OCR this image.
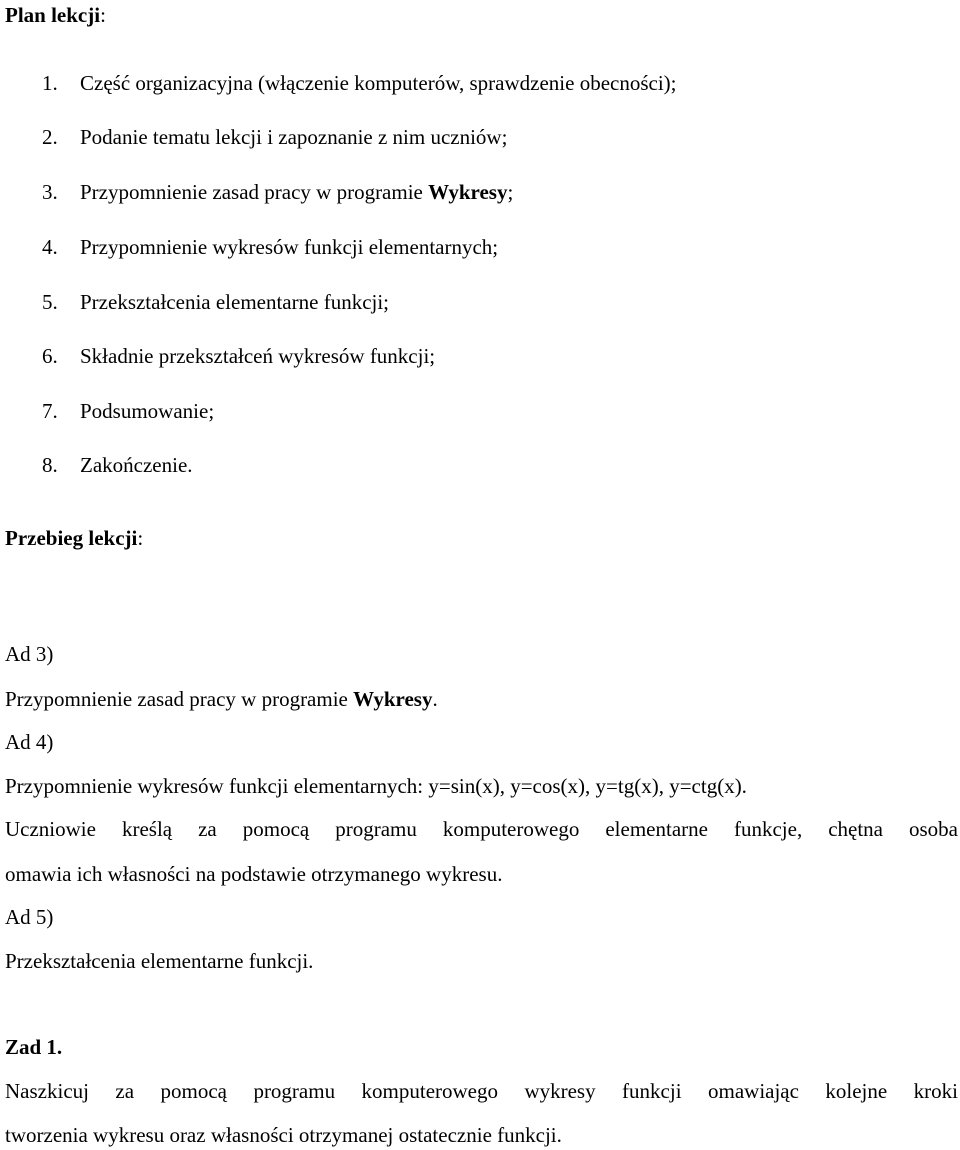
Plan lekcji:
1. Część organizacyjna (włączenie komputerów, sprawdzenie obecności);
2. Podanie tematu lekcji i zapoznanie z nim uczniów;
3. Przypomnienie zasad pracy w programie Wykresy;
4. Przypomnienie wykresów funkcji elementarnych;
5. Przekształcenia elementarne funkcji;
6. Składnie przekształceń wykresów funkcji;
7. Podsumowanie;
8. Zakończenie.
Przebieg lekcji:
Ad 3)
Przypomnienie zasad pracy w programie Wykresy.
Ad 4)
Przypomnienie wykresów funkcji elementarnych: y=sin(x), y=cos(x), y=tg(x), y=ctg(x).
Uczniowie kreślą za pomocą programu komputerowego elementarne funkcje, chętna osoba
omawia ich własności na podstawie otrzymanego wykresu.
Ad 5)
Przekształcenia elementarne funkcji.
Zad 1.
Naszkicuj za pomocą programu komputerowego wykresy funkcji omawiając kolejne kroki
tworzenia wykresu oraz własności otrzymanej ostatecznie funkcji.
